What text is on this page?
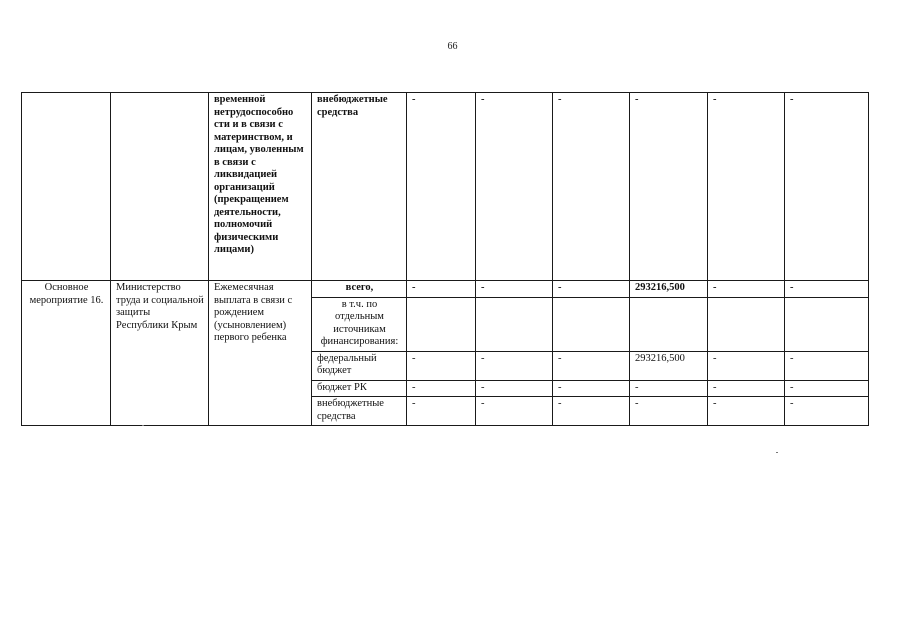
66
		временной нетрудоспособно сти и в связи с материнством, и лицам, уволенным в связи с ликвидацией организаций (прекращением деятельности, полномочий физическими лицами)	внебюджетные средства	-	-	-	-	-	-
Основное мероприятие 16.	Министерство труда и социальной защиты Республики Крым	Ежемесячная выплата в связи с рождением (усыновлением) первого ребенка	всего,	-	-	-	293216,500	-	-
			в т.ч. по отдельным источникам финансирования:						
			федеральный бюджет	-	-	-	293216,500	-	-
			бюджет РК	-	-	-	-	-	-
			внебюджетные средства	-	-	-	-	-	-
